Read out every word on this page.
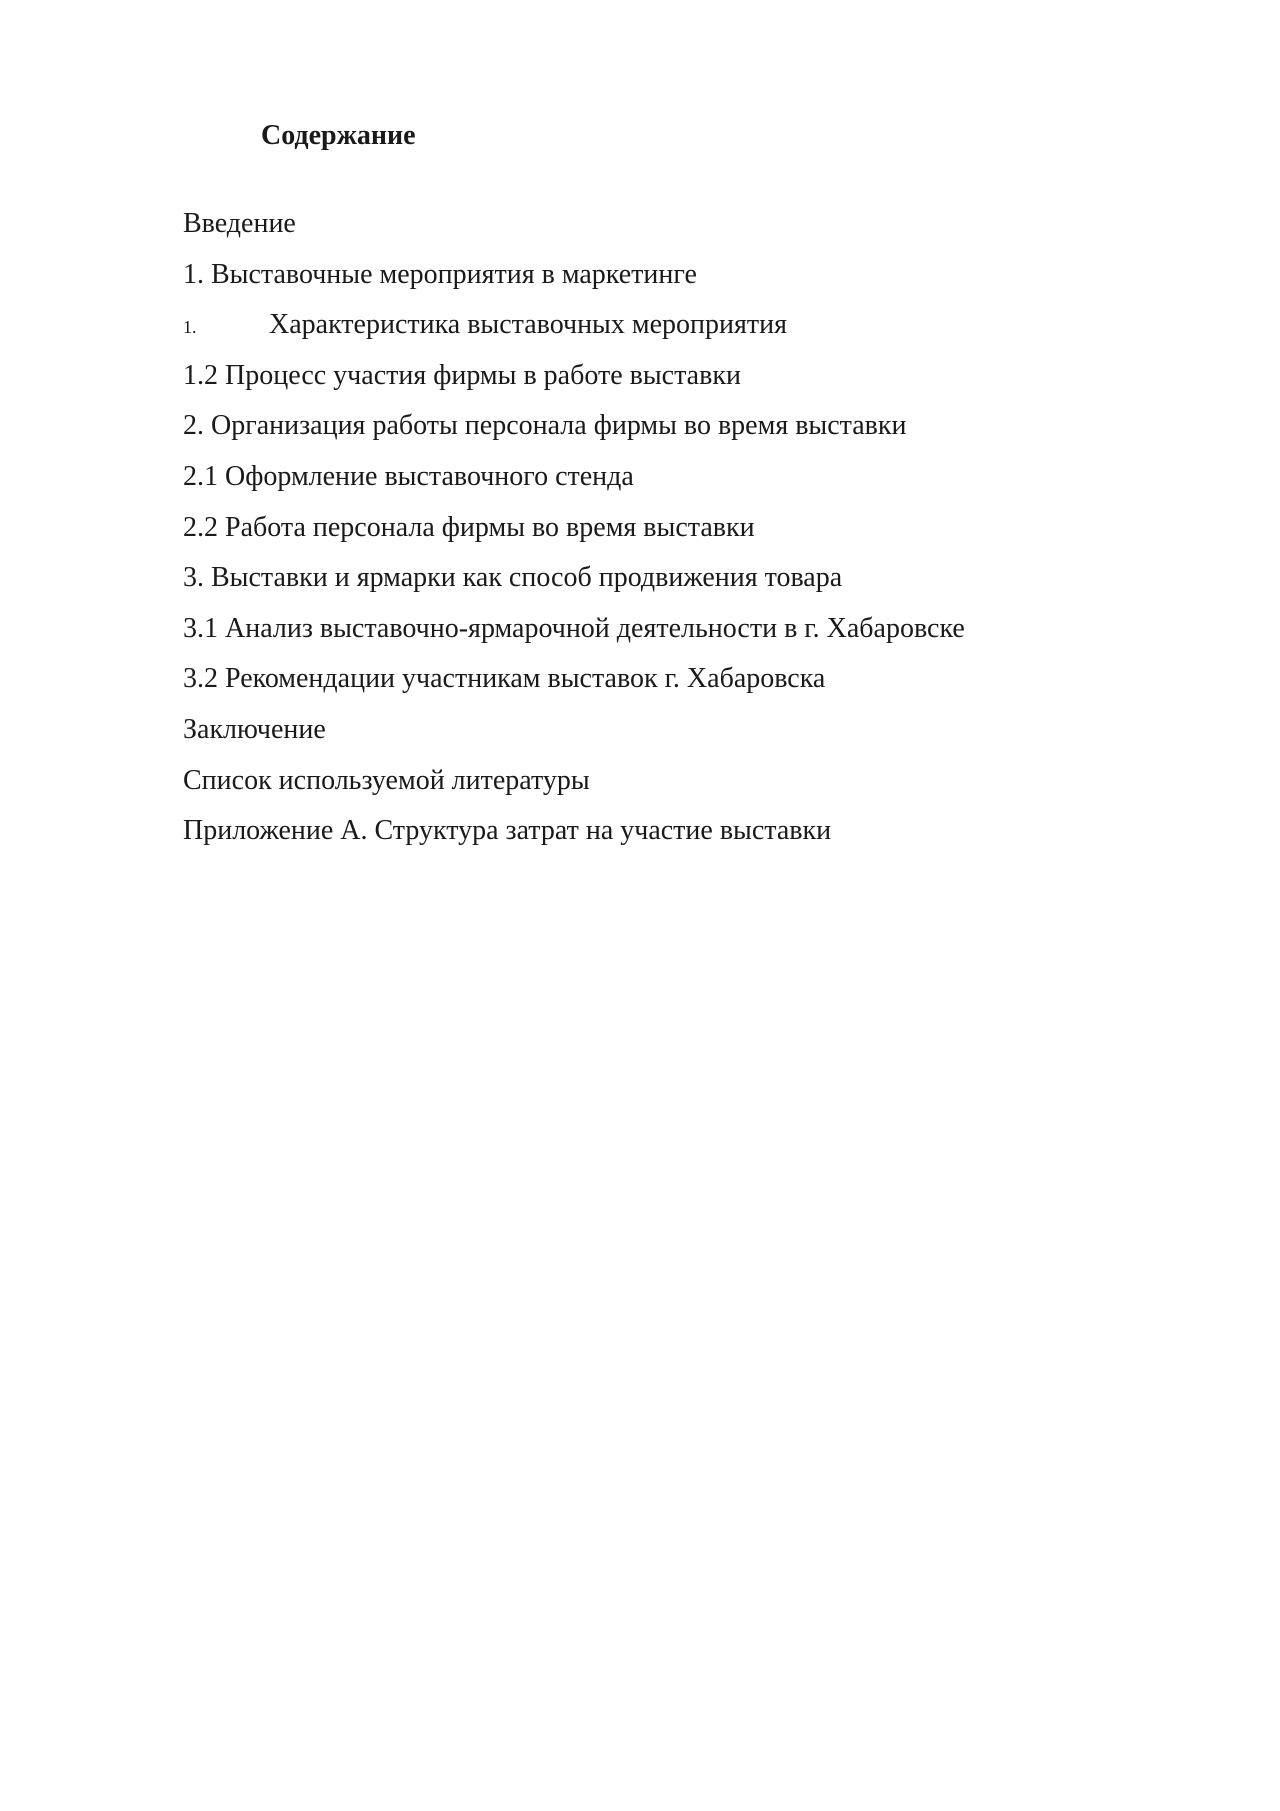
Содержание
Введение
1. Выставочные мероприятия в маркетинге
1.	Характеристика выставочных мероприятия
1.2 Процесс участия фирмы в работе выставки
2. Организация работы персонала фирмы во время выставки
2.1 Оформление выставочного стенда
2.2 Работа персонала фирмы во время выставки
3. Выставки и ярмарки как способ продвижения товара
3.1 Анализ выставочно-ярмарочной деятельности в г. Хабаровске
3.2 Рекомендации участникам выставок г. Хабаровска
Заключение
Список используемой литературы
Приложение А. Структура затрат на участие выставки
